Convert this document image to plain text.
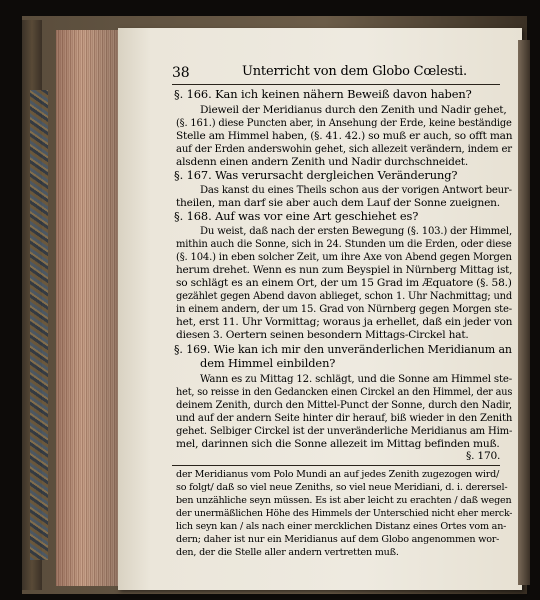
38	Unterricht von dem Globo Cœlesti.
§. 166. Kan ich keinen nähern Beweiß davon haben?
Dieweil der Meridianus durch den Zenith und Nadir gehet,
(§. 161.) diese Puncten aber, in Ansehung der Erde, keine beständige
Stelle am Himmel haben, (§. 41. 42.) so muß er auch, so offt man
auf der Erden anderswohin gehet, sich allezeit verändern, indem er
alsdenn einen andern Zenith und Nadir durchschneidet.
§. 167. Was verursacht dergleichen Veränderung?
Das kanst du eines Theils schon aus der vorigen Antwort beur-
theilen, man darf sie aber auch dem Lauf der Sonne zueignen.
§. 168. Auf was vor eine Art geschiehet es?
Du weist, daß nach der ersten Bewegung (§. 103.) der Himmel,
mithin auch die Sonne, sich in 24. Stunden um die Erden, oder diese
(§. 104.) in eben solcher Zeit, um ihre Axe von Abend gegen Morgen
herum drehet. Wenn es nun zum Beyspiel in Nürnberg Mittag ist,
so schlägt es an einem Ort, der um 15 Grad im Æquatore (§. 58.)
gezählet gegen Abend davon ablieget, schon 1. Uhr Nachmittag; und
in einem andern, der um 15. Grad von Nürnberg gegen Morgen ste-
het, erst 11. Uhr Vormittag; woraus ja erhellet, daß ein jeder von
diesen 3. Oertern seinen besondern Mittags-Circkel hat.
§. 169. Wie kan ich mir den unveränderlichen Meridianum an
dem Himmel einbilden?
Wann es zu Mittag 12. schlägt, und die Sonne am Himmel ste-
het, so reisse in den Gedancken einen Circkel an den Himmel, der aus
deinem Zenith, durch den Mittel-Punct der Sonne, durch den Nadir,
und auf der andern Seite hinter dir herauf, biß wieder in den Zenith
gehet. Selbiger Circkel ist der unveränderliche Meridianus am Him-
mel, darinnen sich die Sonne allezeit im Mittag befinden muß.
§. 170.
der Meridianus vom Polo Mundi an auf jedes Zenith zugezogen wird/
so folgt/ daß so viel neue Zeniths, so viel neue Meridiani, d. i. derersel-
ben unzähliche seyn müssen. Es ist aber leicht zu erachten / daß wegen
der unermäßlichen Höhe des Himmels der Unterschied nicht eher merck-
lich seyn kan / als nach einer mercklichen Distanz eines Ortes vom an-
dern; daher ist nur ein Meridianus auf dem Globo angenommen wor-
den, der die Stelle aller andern vertretten muß.
